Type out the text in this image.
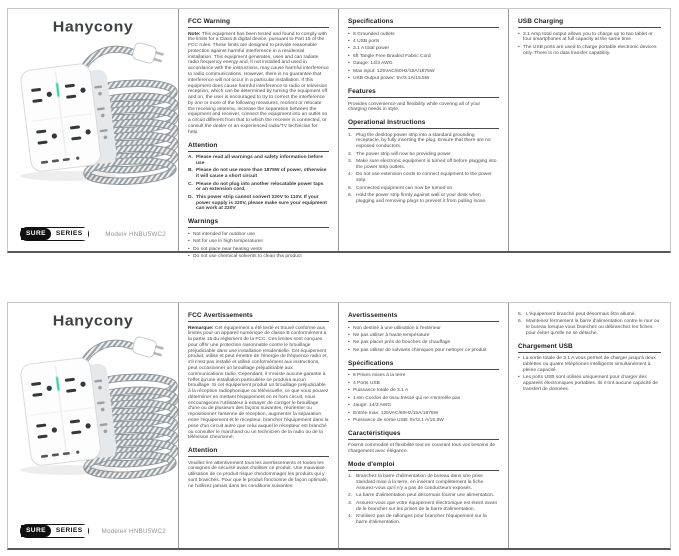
Hanycony
SURE	SERIES	Model# HNBU5WC2
FCC Warning
Note: This equipment has been tested and found to comply with the limits for a Class B digital device, pursuant to Part 15 of the FCC rules. These limits are designed to provide reasonable protection against harmful interference in a residential installation. This equipment generates, uses and can radiate radio frequency energy and, if not installed and used in accordance with the instructions, may cause harmful interference to radio communications. However, there is no guarantee that interference will not occur in a particular installation. If this equipment does cause harmful interference to radio or television reception, which can be determined by turning the equipment off and on, the user is encouraged to try to correct the interference by one or more of the following measures, reorient or relocate the receiving antenna, increase the separation between the equipment and receiver, connect the equipment into an outlet on a circuit different from that to which the receiver is connected, or consult the dealer or an experienced radio/TV technician for help.
Attention
A. Please read all warnings and safety information before use
B. Please do not use more than 1875W of power, otherwise it will cause a short circuit
C. Please do not plug into another relocatable power taps or an extension cord.
D. This power strip cannot convert 220V to 110V. If your power supply is 220V, please make sure your equipment can work at 220V
Warnings
• Not intended for outdoor use
• Not for use in high temperatures
• Do not place near heating vents
• Do not use chemical solvents to clean this product
Specifications
• 8 Grounded outlets
• 4 USB ports
• 3.1 A total power
• 6ft Tangle Free Braided Fabric Cord
• Gauge: 14/3 AWG
• Max input: 125VAC/60Hz/15A/1875W
• USB Output power: 5V/3.1A/15.5W
Features
Provides convenience and flexibility while covering all of your charging needs in style.
Operational Instructions
1. Plug the desktop power strip into a standard grounding receptacle, by fully inserting the plug. Ensure that there are no exposed conductors.
2. The power strip will now be providing power.
3. Make sure electronic equipment is turned off before plugging into the power strip outlets.
4. Do not use extension cords to connect equipment to the power strip.
5. Connected equipment can now be turned on.
6. Hold the power strip firmly against wall or your desk when plugging and removing plugs to prevent it from pulling loose.
USB Charging
• 3.1 Amp total output allows you to charge up to two tablet or four smartphones at full capacity at the same time
• The USB ports are used to charge portable electronic devices only. There is no data transfer capability.
Hanycony
SURE	SERIES	Modèle# HNBU5WC2
FCC Avertissements
Remarque: Cet équipement a été testé et trouvé conforme aux limites pour un appareil numérique de classe B conformément à la partie 15 du règlement de la FCC. Ces limites sont conçues pour offrir une protection raisonnable contre le brouillage préjudiciable dans une installation résidentielle. Cet équipement produit, utilise et peut émettre de l'énergie de fréquence radio et, s'il n'est pas installé et utilisé conformément aux instructions, peut occasionner un brouillage préjudiciable aux communications radio. Cependant, il n'existe aucune garantie à l'effet qu'une installation particulière ne produira aucun brouillage. Si cet équipement produit un brouillage préjudiciable à la réception radiophonique ou télévisuelle, ce que vous pouvez déterminer en mettant l'équipement en et hors circuit, nous encourageons l'utilisateur à essayer de corriger le brouillage d'une ou de plusieurs des façons suivantes, réorienter ou repositionner l'antenne de réception, augmenter la séparation entre l'équipement et le récepteur, brancher l'équipement dans la prise d'un circuit autre que celui auquel le récepteur est branché ou consulter le marchand ou un technicien de la radio ou de la télévision chevronné.
Attention
Veuillez lire attentivement tous les avertissements et toutes les consignes de sécurité avant d'utiliser ce produit. Une mauvaise utilisation de ce produit risque d'endommager les produits qui y sont branchés. Pour que le produit fonctionne de façon optimale, ne l'utilisez jamais dans les conditions suivantes:
Avertissements
• Non destiné à une utilisation à l'extérieur
• Ne pas utiliser à haute température
• Ne pas placer près de bouches de chauffage
• Ne pas utiliser de solvants chimiques pour nettoyer ce produit
Spécifications
• 8 Prises mises à la terre
• 4 Ports USB
• Puissance totale de 3.1 A
• 1.8m Cordon de tissu tressé qui ne s'emmêle pas
• Jauge: 14/3 AWG
• Entrée max: 125VAC/60Hz/15A/1875W
• Puissance de sortie USB: 5V/3.1 A/15.5W
Caractéristiques
Fournit commodité et flexibilité tout en couvrant tous vos besoins de chargement avec élégance.
Mode d'emploi
1. Branchez la barre d'alimentation de bureau dans une prise standard mise à la terre, en insérant complètement la fiche. Assurez-vous qu'il n'y a pas de conducteurs exposés.
2. La barre d'alimentation peut désormais fournir une alimentation.
3. Assurez-vous que votre équipement électronique est éteint avant de le brancher sur les prises de la barre d'alimentation.
4. N'utilisez pas de rallonges pour brancher l'équipement sur la barre d'alimentation.
5. L'équipement branché peut désormais être allumé.
6. Maintenez fermement la barre d'alimentation contre le mur ou le bureau lorsque vous branchez ou débranchez les fiches pour éviter qu'elle ne se détache.
Chargement USB
• La sortie totale de 3.1 A vous permet de charger jusqu'à deux tablettes ou quatre téléphones intelligents simultanément à pleine capacité.
• Les ports USB sont utilisés uniquement pour charger des appareils électroniques portables. Ils n'ont aucune capacité de transfert de données.
